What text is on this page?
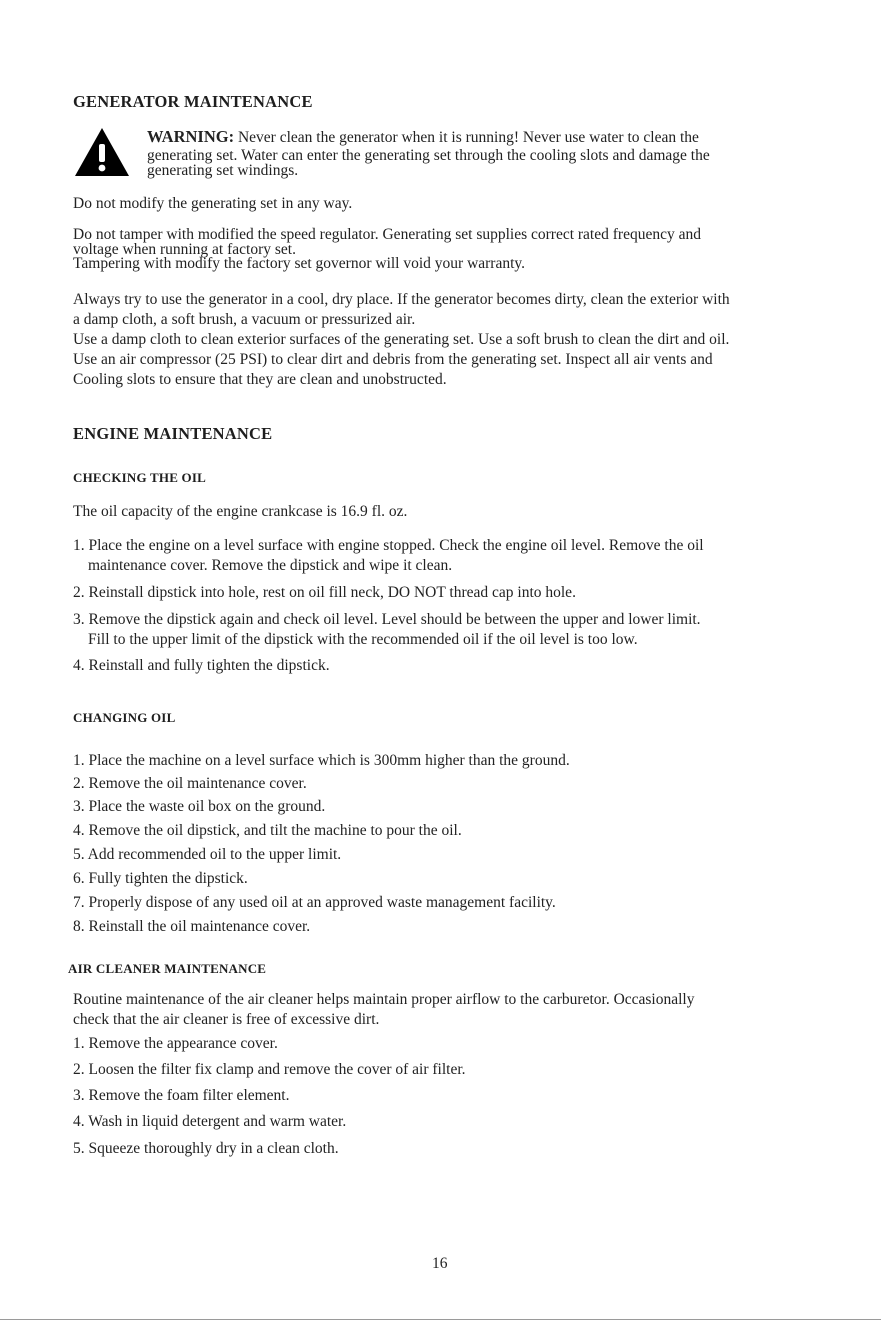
GENERATOR MAINTENANCE
WARNING: Never clean the generator when it is running! Never use water to clean the
generating set. Water can enter the generating set through the cooling slots and damage the
generating set windings.
Do not modify the generating set in any way.
Do not tamper with modified the speed regulator. Generating set supplies correct rated frequency and
voltage when running at factory set.
Tampering with modify the factory set governor will void your warranty.
Always try to use the generator in a cool, dry place. If the generator becomes dirty, clean the exterior with
a damp cloth, a soft brush, a vacuum or pressurized air.
Use a damp cloth to clean exterior surfaces of the generating set. Use a soft brush to clean the dirt and oil.
Use an air compressor (25 PSI) to clear dirt and debris from the generating set. Inspect all air vents and
Cooling slots to ensure that they are clean and unobstructed.
ENGINE MAINTENANCE
CHECKING THE OIL
The oil capacity of the engine crankcase is 16.9 fl. oz.
1. Place the engine on a level surface with engine stopped. Check the engine oil level. Remove the oil
maintenance cover. Remove the dipstick and wipe it clean.
2. Reinstall dipstick into hole, rest on oil fill neck, DO NOT thread cap into hole.
3. Remove the dipstick again and check oil level. Level should be between the upper and lower limit.
Fill to the upper limit of the dipstick with the recommended oil if the oil level is too low.
4. Reinstall and fully tighten the dipstick.
CHANGING OIL
1. Place the machine on a level surface which is 300mm higher than the ground.
2. Remove the oil maintenance cover.
3. Place the waste oil box on the ground.
4. Remove the oil dipstick, and tilt the machine to pour the oil.
5. Add recommended oil to the upper limit.
6. Fully tighten the dipstick.
7. Properly dispose of any used oil at an approved waste management facility.
8. Reinstall the oil maintenance cover.
AIR CLEANER MAINTENANCE
Routine maintenance of the air cleaner helps maintain proper airflow to the carburetor. Occasionally
check that the air cleaner is free of excessive dirt.
1. Remove the appearance cover.
2. Loosen the filter fix clamp and remove the cover of air filter.
3. Remove the foam filter element.
4. Wash in liquid detergent and warm water.
5. Squeeze thoroughly dry in a clean cloth.
16
